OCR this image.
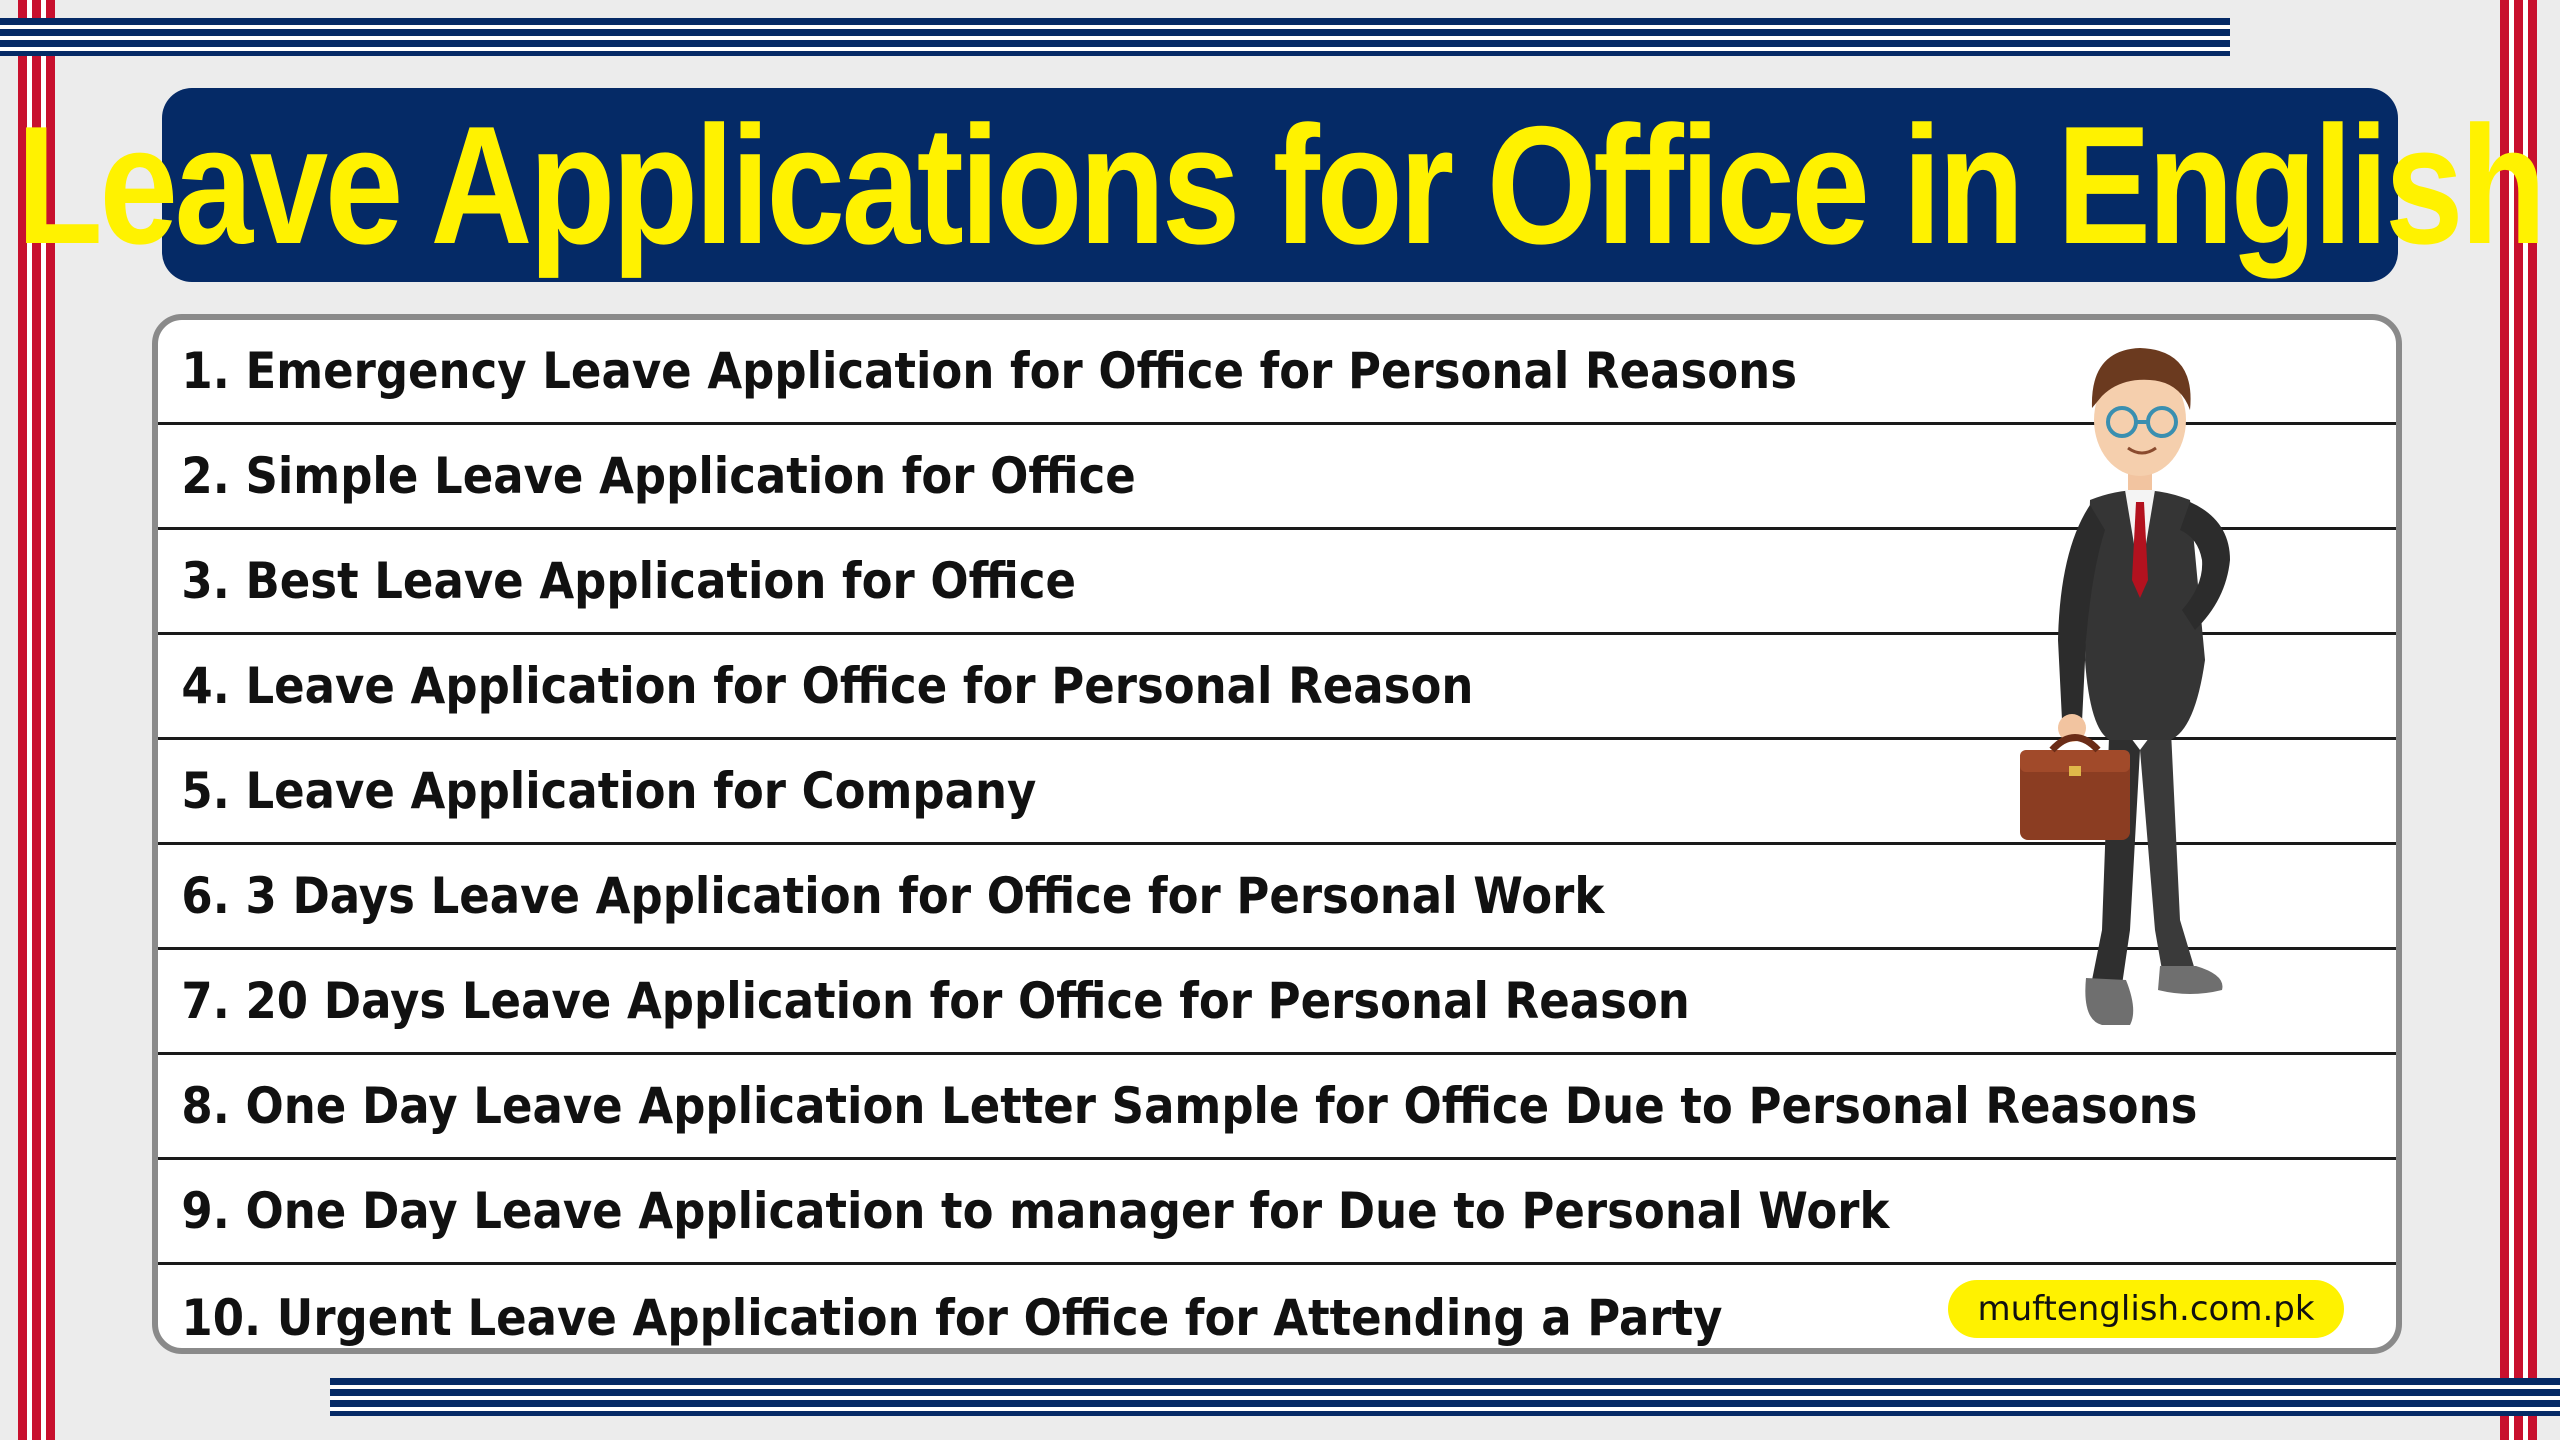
Leave Applications for Office in English
1. Emergency Leave Application for Office for Personal Reasons
2. Simple Leave Application for Office
3. Best Leave Application for Office
4. Leave Application for Office for Personal Reason
5. Leave Application for Company
6. 3 Days Leave Application for Office for Personal Work
7. 20 Days Leave Application for Office for Personal Reason
8. One Day Leave Application Letter Sample for Office Due to Personal Reasons
9. One Day Leave Application to manager for Due to Personal Work
10. Urgent Leave Application for Office for Attending a Party	muftenglish.com.pk
